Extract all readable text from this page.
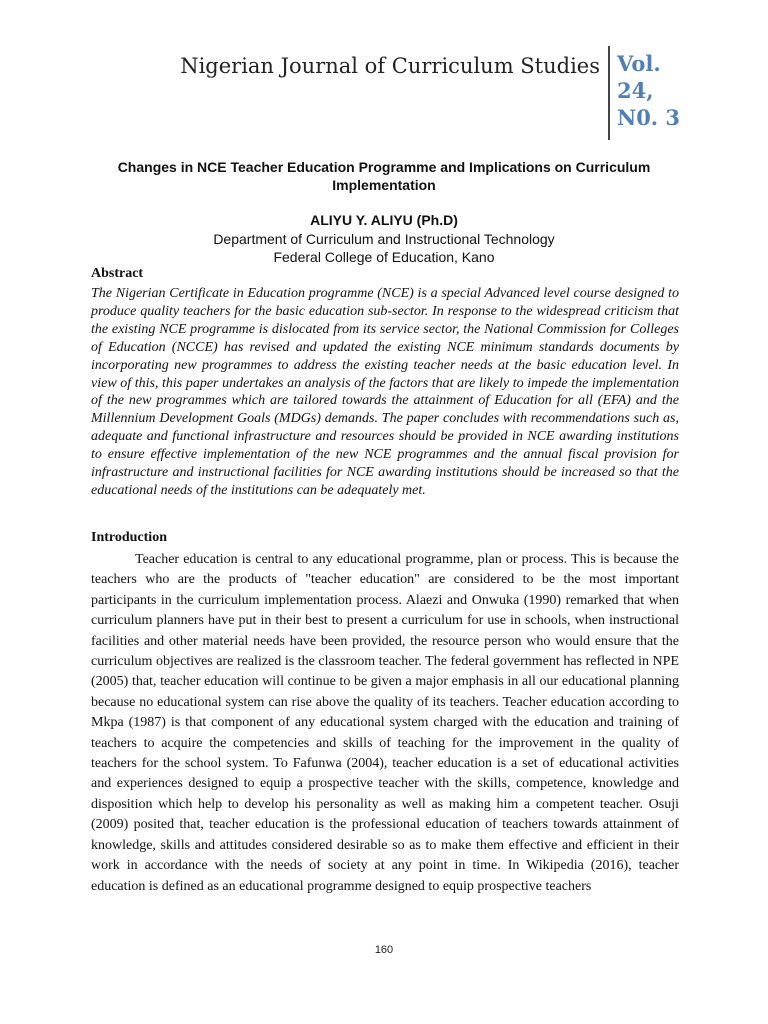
Nigerian Journal of Curriculum Studies Vol.
24,
N0. 3
Changes in NCE Teacher Education Programme and Implications on Curriculum Implementation
ALIYU Y. ALIYU (Ph.D)
Department of Curriculum and Instructional Technology
Federal College of Education, Kano
Abstract

The Nigerian Certificate in Education programme (NCE) is a special Advanced level course designed to produce quality teachers for the basic education sub-sector. In response to the widespread criticism that the existing NCE programme is dislocated from its service sector, the National Commission for Colleges of Education (NCCE) has revised and updated the existing NCE minimum standards documents by incorporating new programmes to address the existing teacher needs at the basic education level. In view of this, this paper undertakes an analysis of the factors that are likely to impede the implementation of the new programmes which are tailored towards the attainment of Education for all (EFA) and the Millennium Development Goals (MDGs) demands. The paper concludes with recommendations such as, adequate and functional infrastructure and resources should be provided in NCE awarding institutions to ensure effective implementation of the new NCE programmes and the annual fiscal provision for infrastructure and instructional facilities for NCE awarding institutions should be increased so that the educational needs of the institutions can be adequately met.

Introduction

Teacher education is central to any educational programme, plan or process. This is because the teachers who are the products of "teacher education" are considered to be the most important participants in the curriculum implementation process. Alaezi and Onwuka (1990) remarked that when curriculum planners have put in their best to present a curriculum for use in schools, when instructional facilities and other material needs have been provided, the resource person who would ensure that the curriculum objectives are realized is the classroom teacher. The federal government has reflected in NPE (2005) that, teacher education will continue to be given a major emphasis in all our educational planning because no educational system can rise above the quality of its teachers. Teacher education according to Mkpa (1987) is that component of any educational system charged with the education and training of teachers to acquire the competencies and skills of teaching for the improvement in the quality of teachers for the school system. To Fafunwa (2004), teacher education is a set of educational activities and experiences designed to equip a prospective teacher with the skills, competence, knowledge and disposition which help to develop his personality as well as making him a competent teacher. Osuji (2009) posited that, teacher education is the professional education of teachers towards attainment of knowledge, skills and attitudes considered desirable so as to make them effective and efficient in their work in accordance with the needs of society at any point in time. In Wikipedia (2016), teacher education is defined as an educational programme designed to equip prospective teachers

160
